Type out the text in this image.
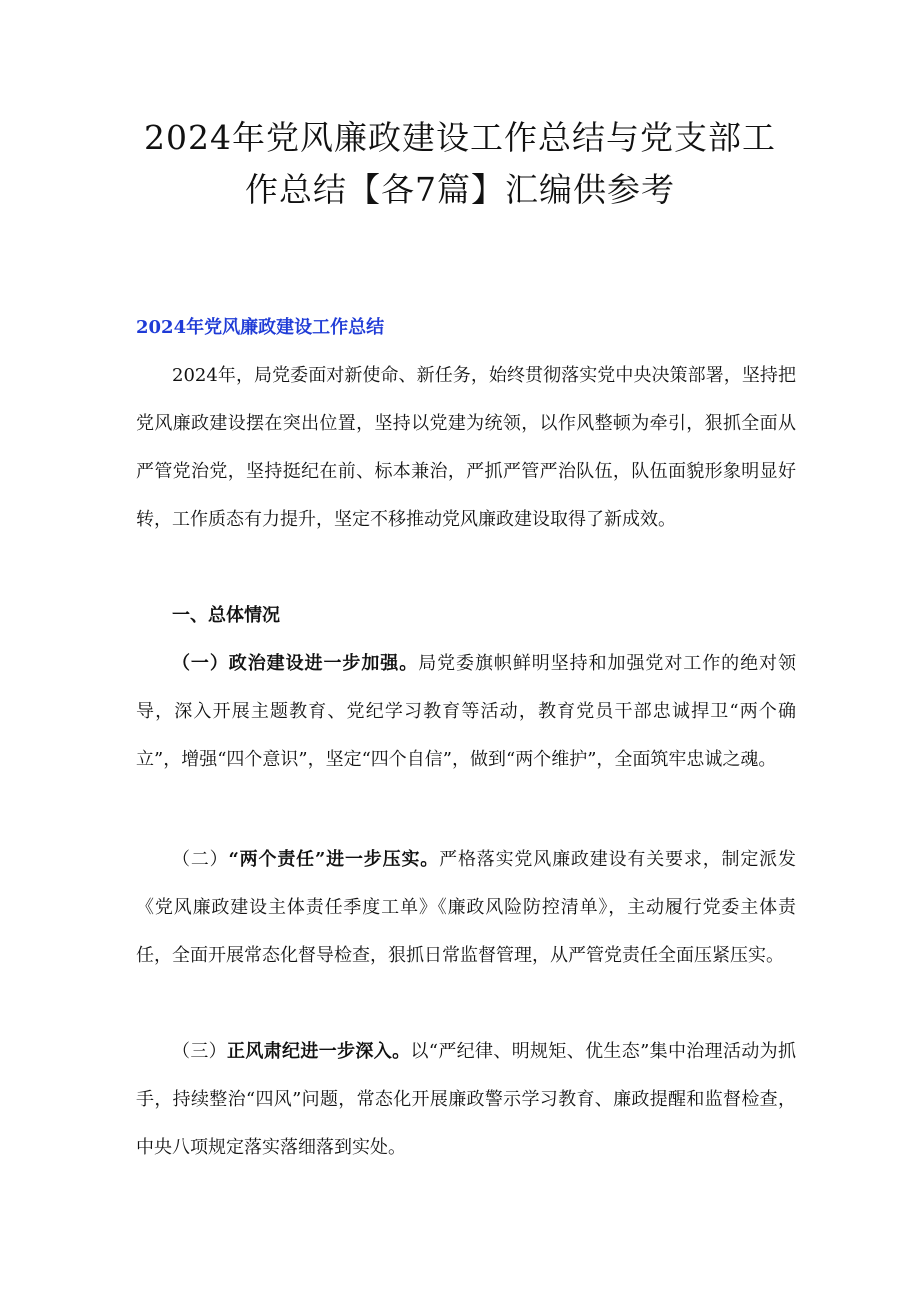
2024年党风廉政建设工作总结与党支部工
作总结【各7篇】汇编供参考
2024年党风廉政建设工作总结

2024年，局党委面对新使命、新任务，始终贯彻落实党中央决策部署，坚持把党风廉政建设摆在突出位置，坚持以党建为统领，以作风整顿为牵引，狠抓全面从严管党治党，坚持挺纪在前、标本兼治，严抓严管严治队伍，队伍面貌形象明显好转，工作质态有力提升，坚定不移推动党风廉政建设取得了新成效。

一、总体情况

（一）政治建设进一步加强。局党委旗帜鲜明坚持和加强党对工作的绝对领导，深入开展主题教育、党纪学习教育等活动，教育党员干部忠诚捍卫“两个确立”，增强“四个意识”，坚定“四个自信”，做到“两个维护”，全面筑牢忠诚之魂。

（二）“两个责任”进一步压实。严格落实党风廉政建设有关要求，制定派发《党风廉政建设主体责任季度工单》《廉政风险防控清单》，主动履行党委主体责任，全面开展常态化督导检查，狠抓日常监督管理，从严管党责任全面压紧压实。

（三）正风肃纪进一步深入。以“严纪律、明规矩、优生态”集中治理活动为抓手，持续整治“四风”问题，常态化开展廉政警示学习教育、廉政提醒和监督检查，中央八项规定落实落细落到实处。
